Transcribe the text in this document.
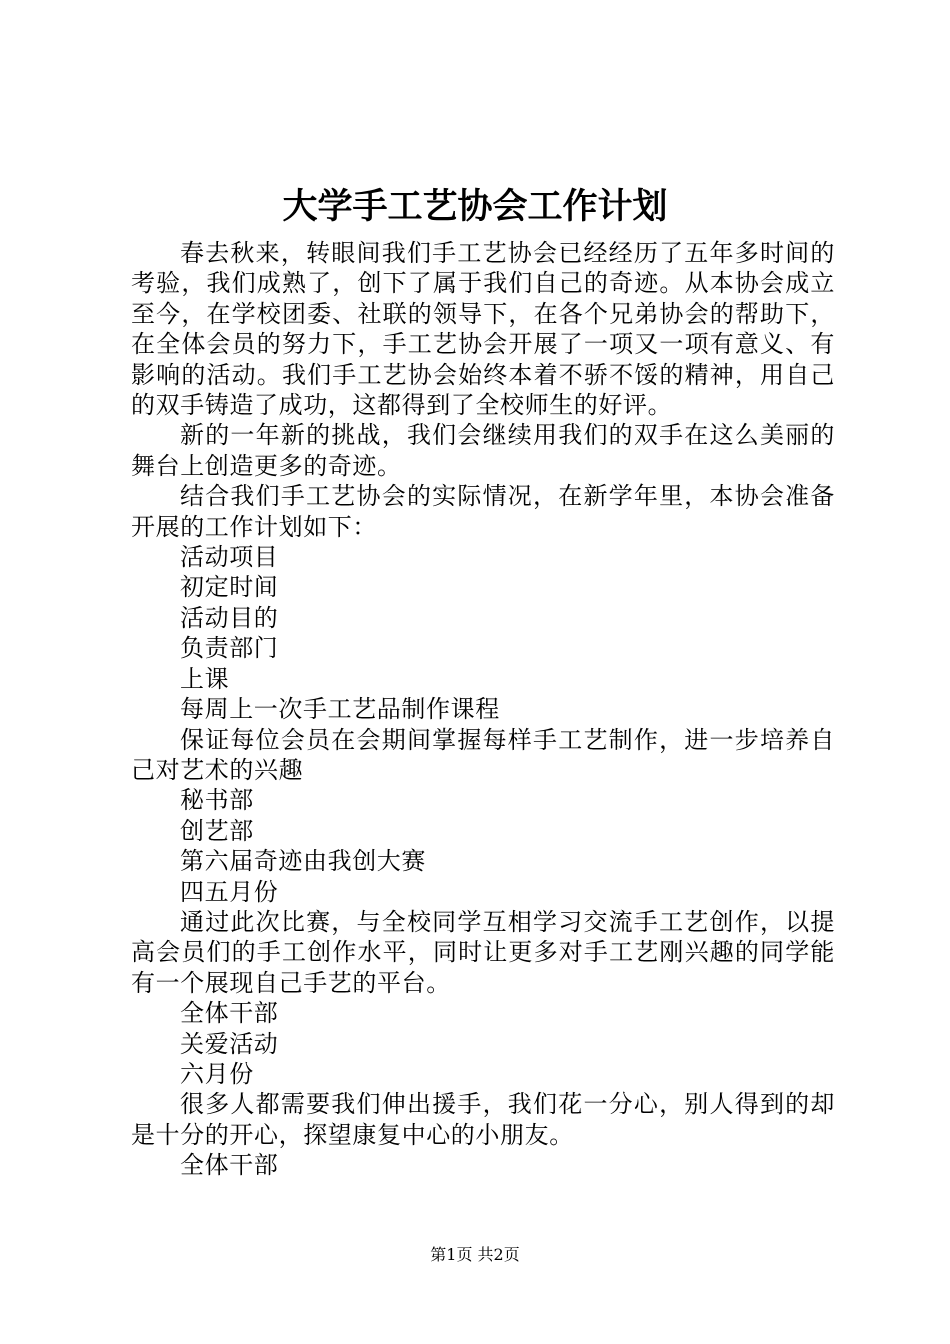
大学手工艺协会工作计划

春去秋来，转眼间我们手工艺协会已经经历了五年多时间的考验，我们成熟了，创下了属于我们自己的奇迹。从本协会成立至今，在学校团委、社联的领导下，在各个兄弟协会的帮助下，在全体会员的努力下，手工艺协会开展了一项又一项有意义、有影响的活动。我们手工艺协会始终本着不骄不馁的精神，用自己的双手铸造了成功，这都得到了全校师生的好评。

新的一年新的挑战，我们会继续用我们的双手在这么美丽的舞台上创造更多的奇迹。

结合我们手工艺协会的实际情况，在新学年里，本协会准备开展的工作计划如下：

活动项目

初定时间

活动目的

负责部门

上课

每周上一次手工艺品制作课程

保证每位会员在会期间掌握每样手工艺制作，进一步培养自己对艺术的兴趣

秘书部

创艺部

第六届奇迹由我创大赛

四五月份

通过此次比赛，与全校同学互相学习交流手工艺创作，以提高会员们的手工创作水平，同时让更多对手工艺刚兴趣的同学能有一个展现自己手艺的平台。

全体干部

关爱活动

六月份

很多人都需要我们伸出援手，我们花一分心，别人得到的却是十分的开心，探望康复中心的小朋友。

全体干部

第1页 共2页
